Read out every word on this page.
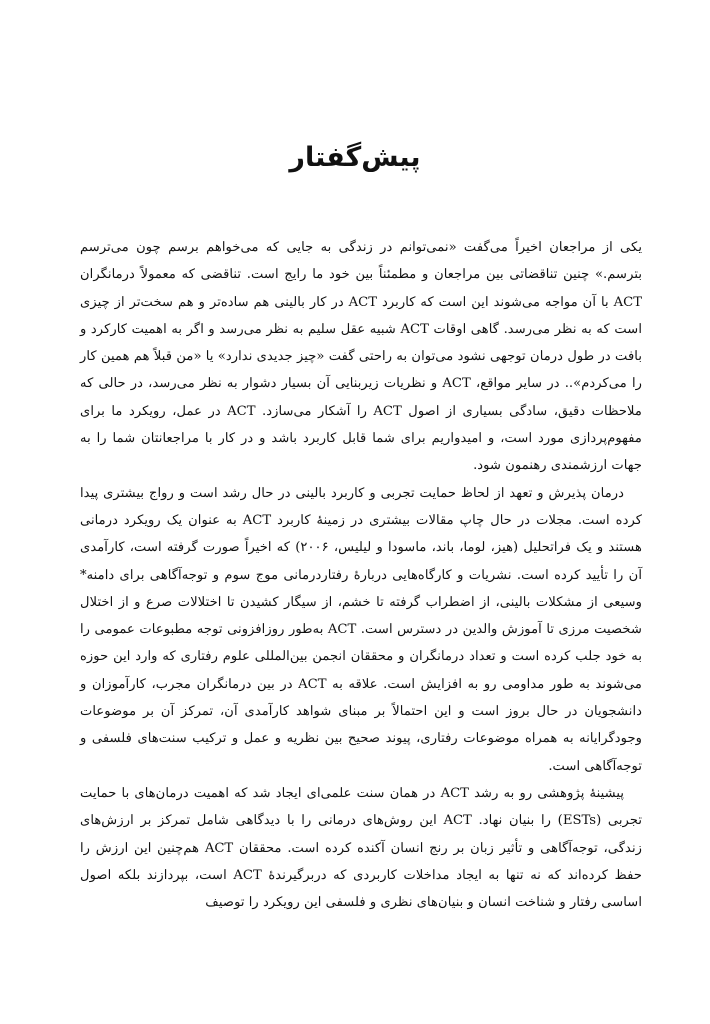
پیش‌گفتار

یکی از مراجعان اخیراً می‌گفت «نمی‌توانم در زندگی به جایی که می‌خواهم برسم چون می‌ترسم بترسم.» چنین تناقضاتی بین مراجعان و مطمئناً بین خود ما رایج است. تناقضی که معمولاً درمانگران ACT با آن مواجه می‌شوند این است که کاربرد ACT در کار بالینی هم ساده‌تر و هم سخت‌تر از چیزی است که به نظر می‌رسد. گاهی اوقات ACT شبیه عقل سلیم به نظر می‌رسد و اگر به اهمیت کارکرد و بافت در طول درمان توجهی نشود می‌توان به راحتی گفت «چیز جدیدی ندارد» یا «من قبلاً هم همین کار را می‌کردم».. در سایر مواقع، ACT و نظریات زیربنایی آن بسیار دشوار به نظر می‌رسد، در حالی که ملاحظات دقیق، سادگی بسیاری از اصول ACT را آشکار می‌سازد. ACT در عمل، رویکرد ما برای مفهوم‌پردازی مورد است، و امیدواریم برای شما قابل کاربرد باشد و در کار با مراجعانتان شما را به جهات ارزشمندی رهنمون شود.

درمان پذیرش و تعهد از لحاظ حمایت تجربی و کاربرد بالینی در حال رشد است و رواج بیشتری پیدا کرده است. مجلات در حال چاپ مقالات بیشتری در زمینهٔ کاربرد ACT به عنوان یک رویکرد درمانی هستند و یک فراتحلیل (هیز، لوما، باند، ماسودا و لیلیس، ۲۰۰۶) که اخیراً صورت گرفته است، کارآمدی آن را تأیید کرده است. نشریات و کارگاه‌هایی دربارهٔ رفتاردرمانی موج سوم و توجه‌آگاهی برای دامنه* وسیعی از مشکلات بالینی، از اضطراب گرفته تا خشم، از سیگار کشیدن تا اختلالات صرع و از اختلال شخصیت مرزی تا آموزش والدین در دسترس است. ACT به‌طور روزافزونی توجه مطبوعات عمومی را به خود جلب کرده است و تعداد درمانگران و محققان انجمن بین‌المللی علوم رفتاری که وارد این حوزه می‌شوند به طور مداومی رو به افزایش است. علاقه به ACT در بین درمانگران مجرب، کارآموزان و دانشجویان در حال بروز است و این احتمالاً بر مبنای شواهد کارآمدی آن، تمرکز آن بر موضوعات وجودگرایانه به همراه موضوعات رفتاری، پیوند صحیح بین نظریه و عمل و ترکیب سنت‌های فلسفی و توجه‌آگاهی است.

پیشینهٔ پژوهشی رو به رشد ACT در همان سنت علمی‌ای ایجاد شد که اهمیت درمان‌های با حمایت تجربی (ESTs) را بنیان نهاد. ACT این روش‌های درمانی را با دیدگاهی شامل تمرکز بر ارزش‌های زندگی، توجه‌آگاهی و تأثیر زبان بر رنج انسان آکنده کرده است. محققان ACT هم‌چنین این ارزش را حفظ کرده‌اند که نه تنها به ایجاد مداخلات کاربردی که دربرگیرندهٔ ACT است، بپردازند بلکه اصول اساسی رفتار و شناخت انسان و بنیان‌های نظری و فلسفی این رویکرد را توصیف
